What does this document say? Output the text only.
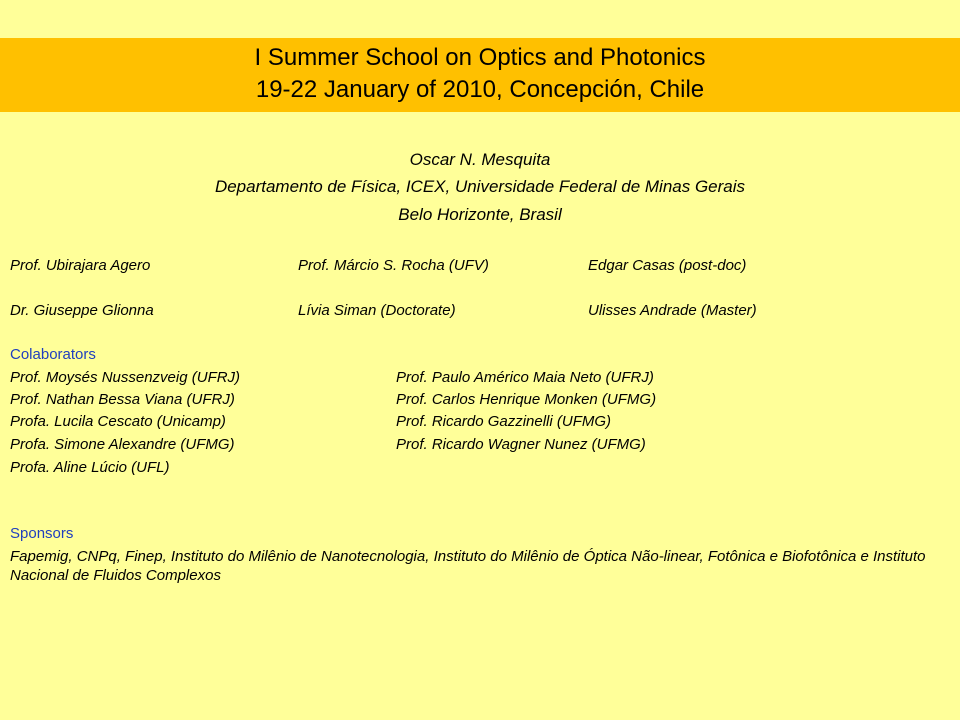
I Summer School on Optics and Photonics
19-22 January of 2010, Concepción, Chile
Oscar N. Mesquita
Departamento de Física, ICEX, Universidade Federal de Minas Gerais
Belo Horizonte, Brasil
Prof. Ubirajara Agero	Prof. Márcio S. Rocha (UFV)	Edgar Casas (post-doc)
Dr. Giuseppe Glionna	Lívia Siman (Doctorate)	Ulisses Andrade (Master)
Colaborators
Prof. Moysés Nussenzveig (UFRJ)
Prof. Nathan Bessa Viana (UFRJ)
Profa. Lucila Cescato (Unicamp)
Profa. Simone Alexandre (UFMG)
Profa. Aline Lúcio (UFL)
Prof. Paulo Américo Maia Neto (UFRJ)
Prof. Carlos Henrique Monken (UFMG)
Prof. Ricardo Gazzinelli (UFMG)
Prof. Ricardo Wagner Nunez (UFMG)
Sponsors
Fapemig, CNPq, Finep, Instituto do Milênio de Nanotecnologia, Instituto do Milênio de Óptica Não-linear, Fotônica e Biofotônica e Instituto Nacional de Fluidos Complexos
